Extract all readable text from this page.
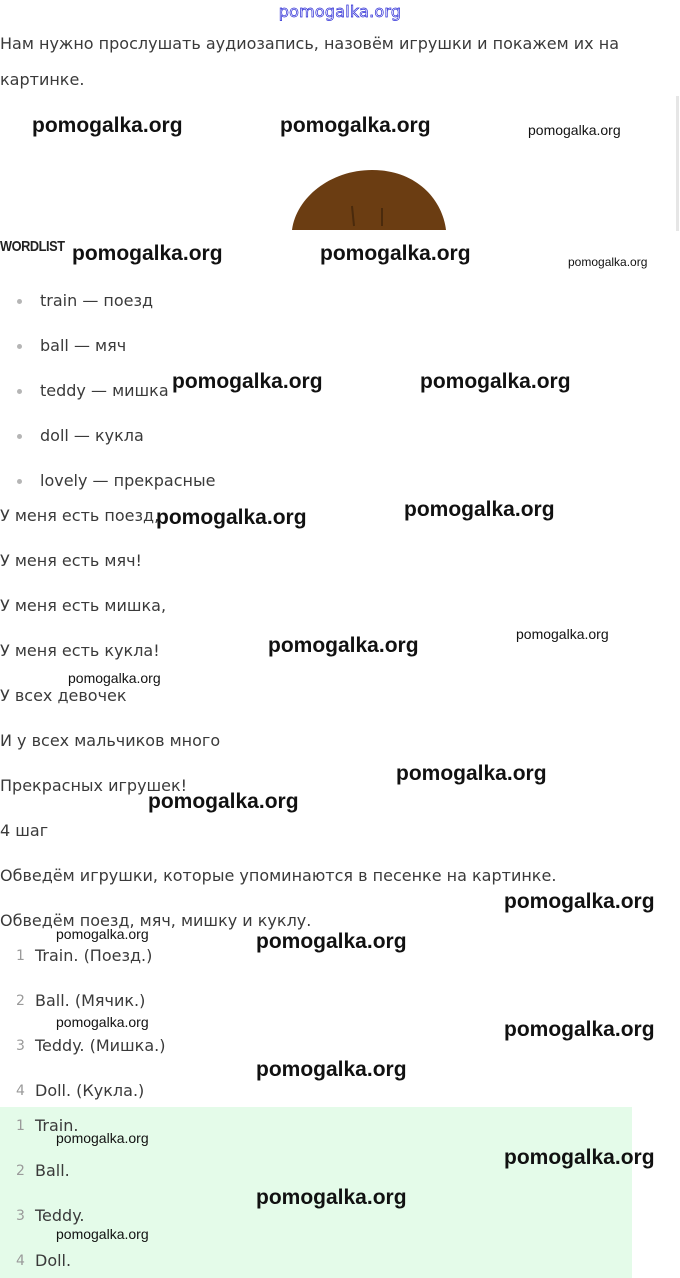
pomogalka.org
Нам нужно прослушать аудиозапись, назовём игрушки и покажем их на
картинке.
WORDLIST
train — поезд
ball — мяч
teddy — мишка
doll — кукла
lovely — прекрасные
У меня есть поезд,
У меня есть мяч!
У меня есть мишка,
У меня есть кукла!
У всех девочек
И у всех мальчиков много
Прекрасных игрушек!
4 шаг
Обведём игрушки, которые упоминаются в песенке на картинке.
Обведём поезд, мяч, мишку и куклу.
1 Train. (Поезд.)
2 Ball. (Мячик.)
3 Teddy. (Мишка.)
4 Doll. (Кукла.)
1 Train.
2 Ball.
3 Teddy.
4 Doll.
pomogalka.org	pomogalka.org	pomogalka.org
pomogalka.org	pomogalka.org	pomogalka.org
pomogalka.org	pomogalka.org
pomogalka.org	pomogalka.org
pomogalka.org	pomogalka.org
pomogalka.org
pomogalka.org
pomogalka.org
pomogalka.org
pomogalka.org	pomogalka.org
pomogalka.org	pomogalka.org
pomogalka.org
pomogalka.org
pomogalka.org
pomogalka.org
pomogalka.org
